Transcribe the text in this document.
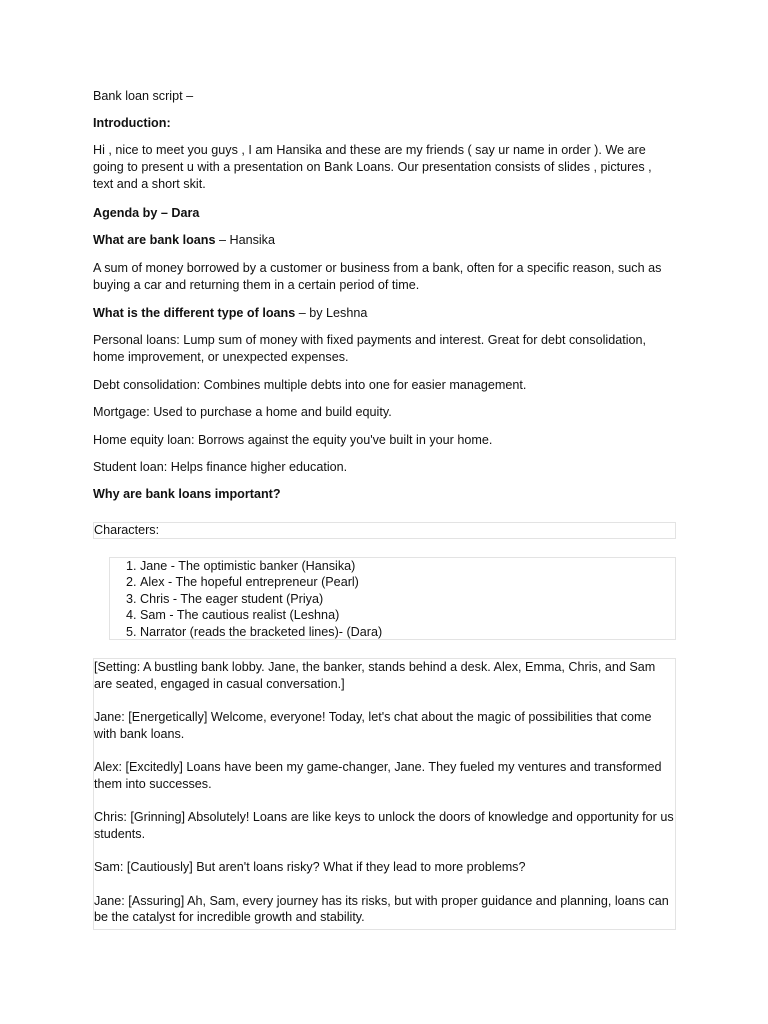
Bank loan script –

Introduction:

Hi , nice to meet you guys , I am Hansika and these are my friends ( say ur name in order ). We are going to present u with a presentation on Bank Loans. Our presentation consists of slides , pictures , text and a short skit.

Agenda by – Dara

What are bank loans – Hansika

A sum of money borrowed by a customer or business from a bank, often for a specific reason, such as buying a car and returning them in a certain period of time.

What is the different type of loans – by Leshna

Personal loans: Lump sum of money with fixed payments and interest. Great for debt consolidation, home improvement, or unexpected expenses.

Debt consolidation: Combines multiple debts into one for easier management.

Mortgage: Used to purchase a home and build equity.

Home equity loan: Borrows against the equity you've built in your home.

Student loan: Helps finance higher education.

Why are bank loans important?

Characters:
1. Jane - The optimistic banker (Hansika)
2. Alex - The hopeful entrepreneur (Pearl)
3. Chris - The eager student (Priya)
4. Sam - The cautious realist (Leshna)
5. Narrator (reads the bracketed lines)- (Dara)

[Setting: A bustling bank lobby. Jane, the banker, stands behind a desk. Alex, Emma, Chris, and Sam are seated, engaged in casual conversation.]

Jane: [Energetically] Welcome, everyone! Today, let's chat about the magic of possibilities that come with bank loans.

Alex: [Excitedly] Loans have been my game-changer, Jane. They fueled my ventures and transformed them into successes.

Chris: [Grinning] Absolutely! Loans are like keys to unlock the doors of knowledge and opportunity for us students.

Sam: [Cautiously] But aren't loans risky? What if they lead to more problems?

Jane: [Assuring] Ah, Sam, every journey has its risks, but with proper guidance and planning, loans can be the catalyst for incredible growth and stability.
